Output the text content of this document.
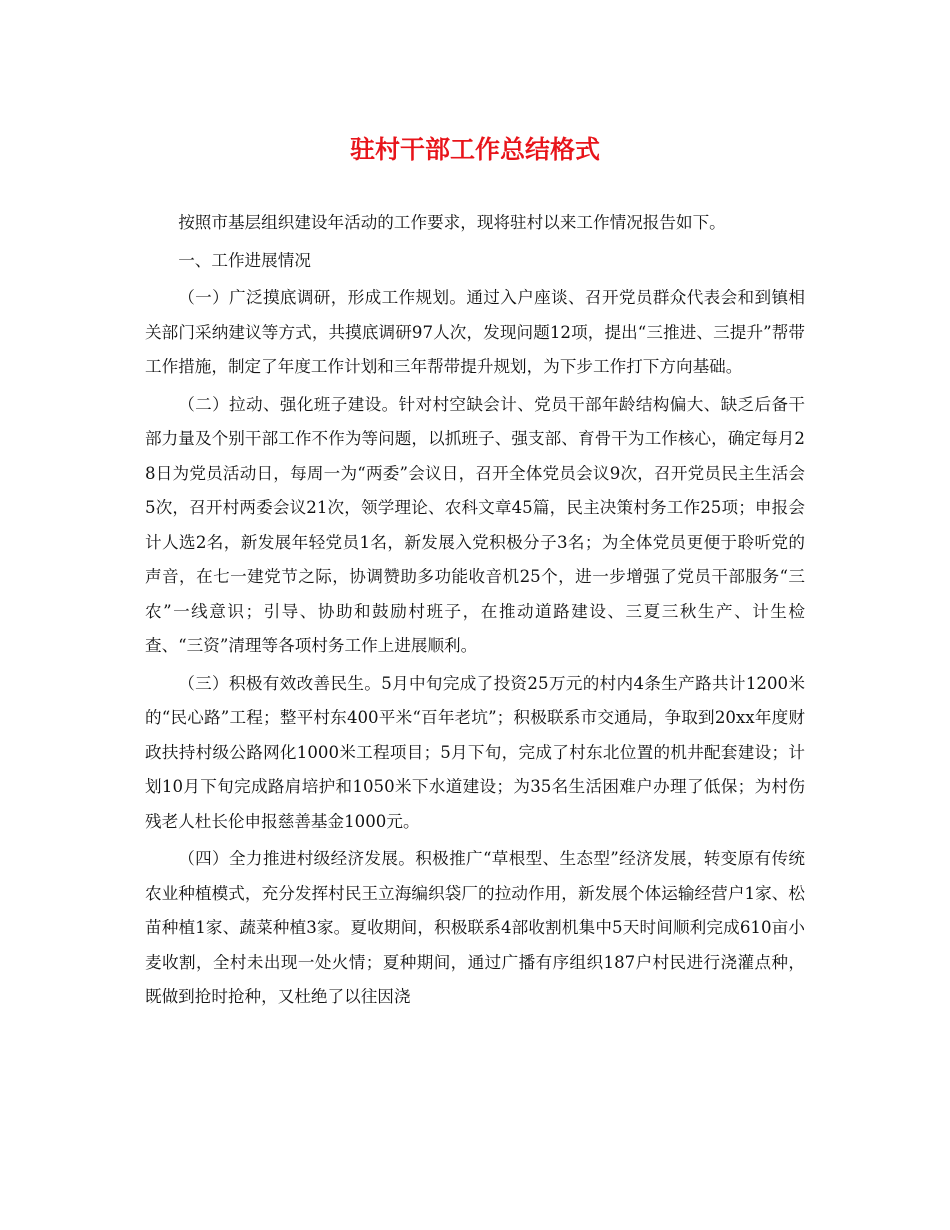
驻村干部工作总结格式

按照市基层组织建设年活动的工作要求，现将驻村以来工作情况报告如下。

一、工作进展情况

（一）广泛摸底调研，形成工作规划。通过入户座谈、召开党员群众代表会和到镇相关部门采纳建议等方式，共摸底调研97人次，发现问题12项，提出“三推进、三提升”帮带工作措施，制定了年度工作计划和三年帮带提升规划，为下步工作打下方向基础。

（二）拉动、强化班子建设。针对村空缺会计、党员干部年龄结构偏大、缺乏后备干部力量及个别干部工作不作为等问题，以抓班子、强支部、育骨干为工作核心，确定每月28日为党员活动日，每周一为“两委”会议日，召开全体党员会议9次，召开党员民主生活会5次，召开村两委会议21次，领学理论、农科文章45篇，民主决策村务工作25项；申报会计人选2名，新发展年轻党员1名，新发展入党积极分子3名；为全体党员更便于聆听党的声音，在七一建党节之际，协调赞助多功能收音机25个，进一步增强了党员干部服务“三农”一线意识；引导、协助和鼓励村班子，在推动道路建设、三夏三秋生产、计生检查、“三资”清理等各项村务工作上进展顺利。

（三）积极有效改善民生。5月中旬完成了投资25万元的村内4条生产路共计1200米的“民心路”工程；整平村东400平米“百年老坑”；积极联系市交通局，争取到20xx年度财政扶持村级公路网化1000米工程项目；5月下旬，完成了村东北位置的机井配套建设；计划10月下旬完成路肩培护和1050米下水道建设；为35名生活困难户办理了低保；为村伤残老人杜长伦申报慈善基金1000元。

（四）全力推进村级经济发展。积极推广“草根型、生态型”经济发展，转变原有传统农业种植模式，充分发挥村民王立海编织袋厂的拉动作用，新发展个体运输经营户1家、松苗种植1家、蔬菜种植3家。夏收期间，积极联系4部收割机集中5天时间顺利完成610亩小麦收割，全村未出现一处火情；夏种期间，通过广播有序组织187户村民进行浇灌点种，既做到抢时抢种，又杜绝了以往因浇
